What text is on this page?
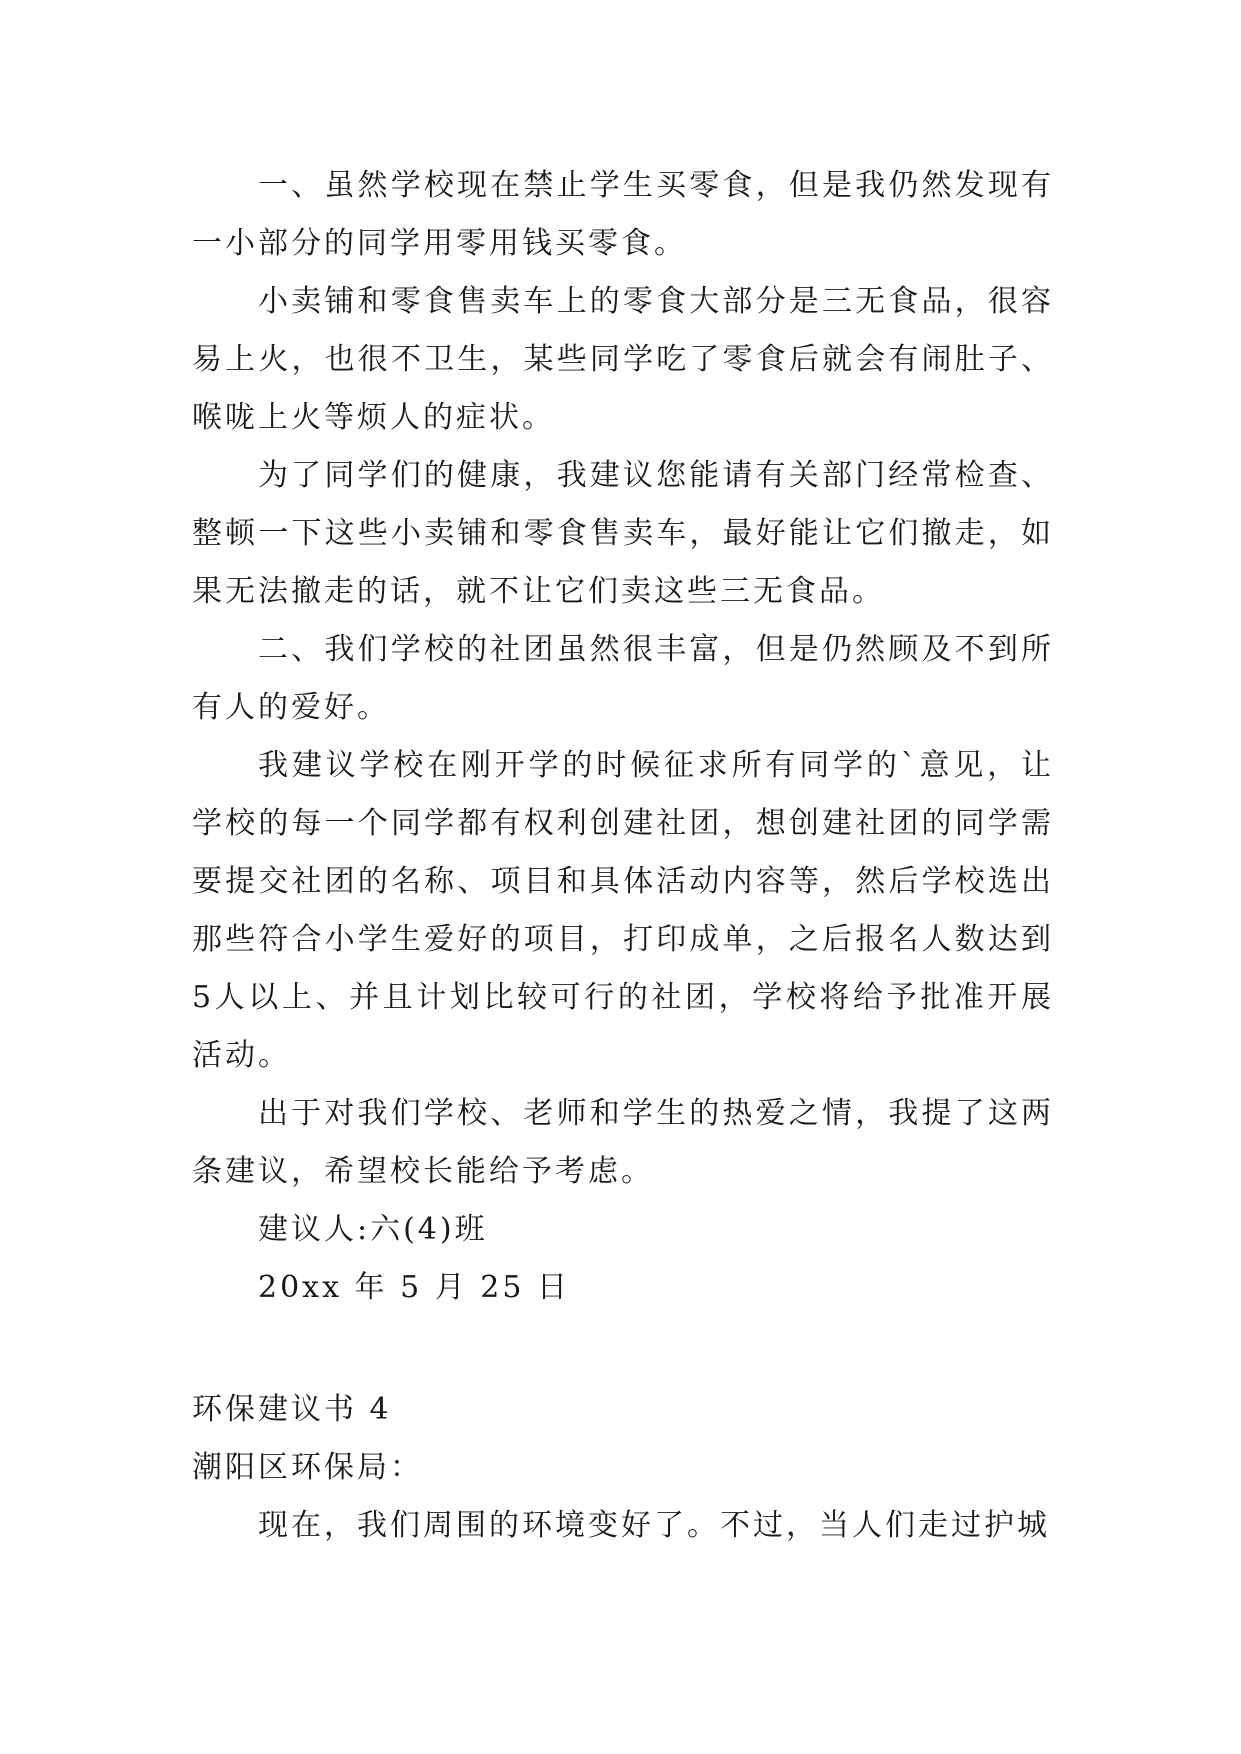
一、虽然学校现在禁止学生买零食，但是我仍然发现有一小部分的同学用零用钱买零食。

小卖铺和零食售卖车上的零食大部分是三无食品，很容易上火，也很不卫生，某些同学吃了零食后就会有闹肚子、喉咙上火等烦人的症状。

为了同学们的健康，我建议您能请有关部门经常检查、整顿一下这些小卖铺和零食售卖车，最好能让它们撤走，如果无法撤走的话，就不让它们卖这些三无食品。

二、我们学校的社团虽然很丰富，但是仍然顾及不到所有人的爱好。

我建议学校在刚开学的时候征求所有同学的`意见，让学校的每一个同学都有权利创建社团，想创建社团的同学需要提交社团的名称、项目和具体活动内容等，然后学校选出那些符合小学生爱好的项目，打印成单，之后报名人数达到5人以上、并且计划比较可行的社团，学校将给予批准开展活动。

出于对我们学校、老师和学生的热爱之情，我提了这两条建议，希望校长能给予考虑。

建议人:六(4)班

20xx 年 5 月 25 日

环保建议书 4

潮阳区环保局：

现在，我们周围的环境变好了。不过，当人们走过护城
